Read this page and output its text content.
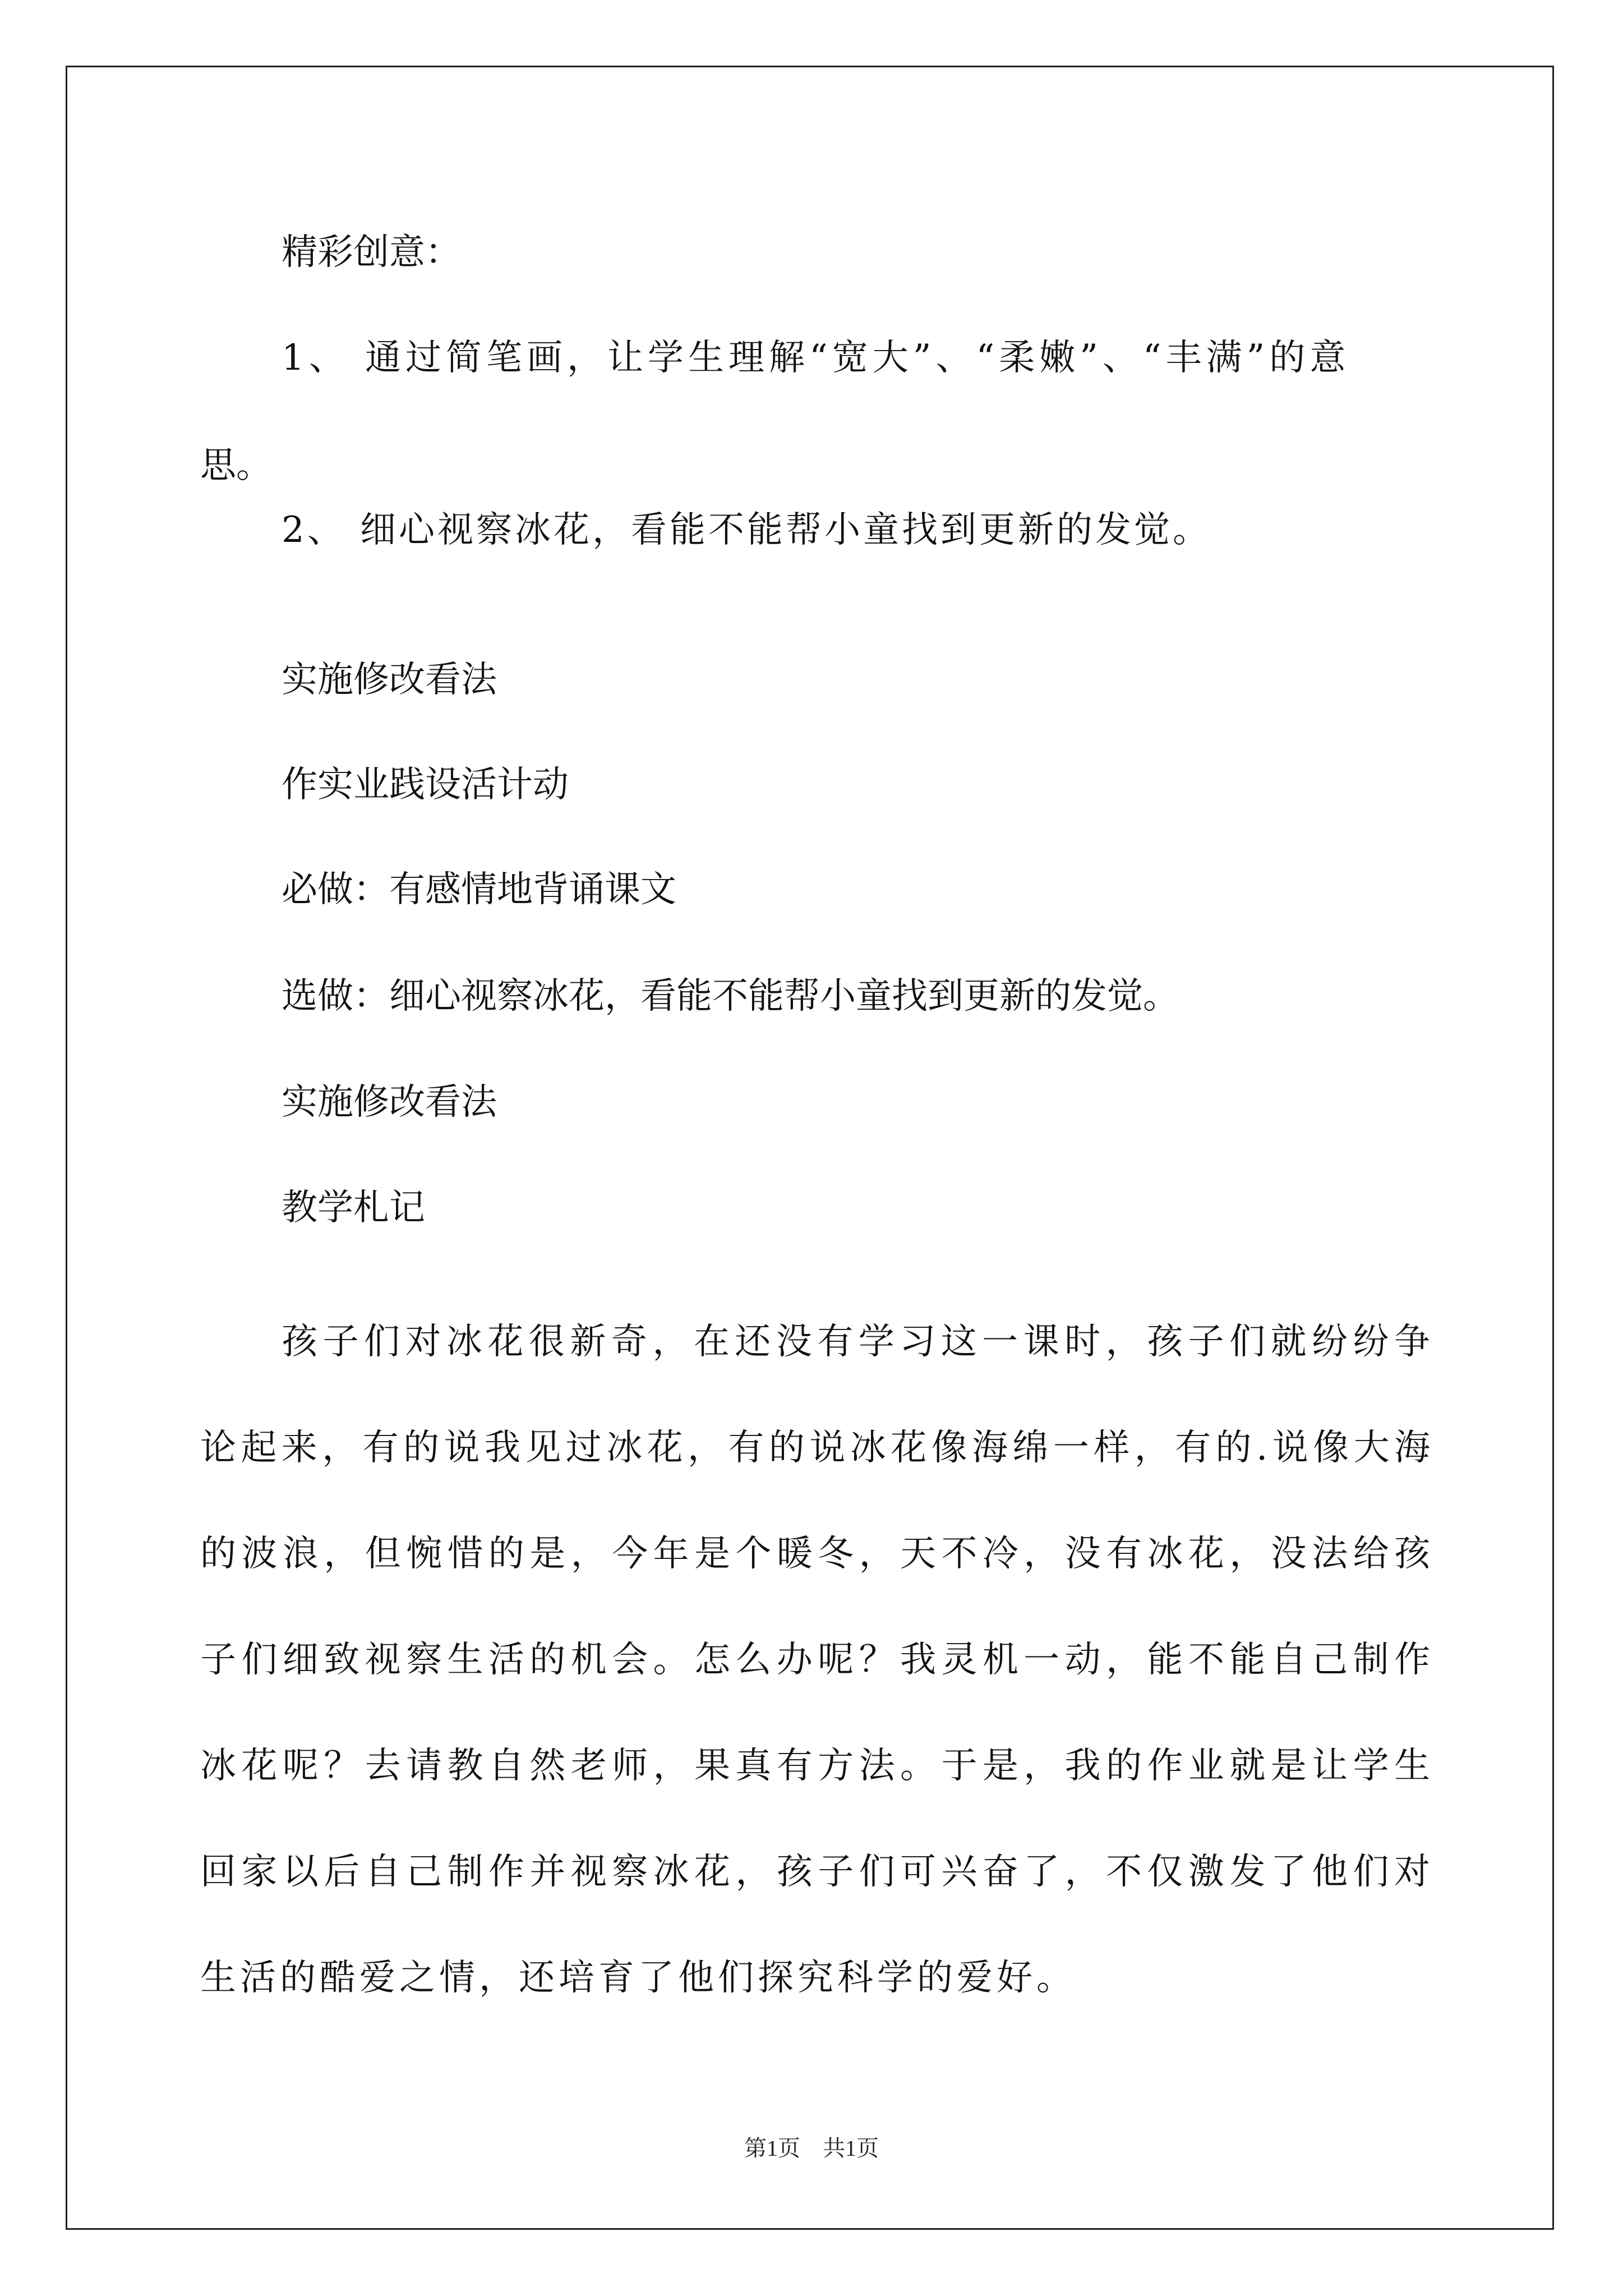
精彩创意：
1、 通过简笔画，让学生理解“宽大”、“柔嫩”、“丰满”的意
思。
2、 细心视察冰花，看能不能帮小童找到更新的发觉。
实施修改看法
作实业践设活计动
必做：有感情地背诵课文
选做：细心视察冰花，看能不能帮小童找到更新的发觉。
实施修改看法
教学札记
孩子们对冰花很新奇，在还没有学习这一课时，孩子们就纷纷争论起来，有的说我见过冰花，有的说冰花像海绵一样，有的.说像大海的波浪，但惋惜的是，今年是个暖冬，天不冷，没有冰花，没法给孩子们细致视察生活的机会。怎么办呢？我灵机一动，能不能自己制作冰花呢？去请教自然老师，果真有方法。于是，我的作业就是让学生回家以后自己制作并视察冰花，孩子们可兴奋了，不仅激发了他们对生活的酷爱之情，还培育了他们探究科学的爱好。
第1页　共1页
